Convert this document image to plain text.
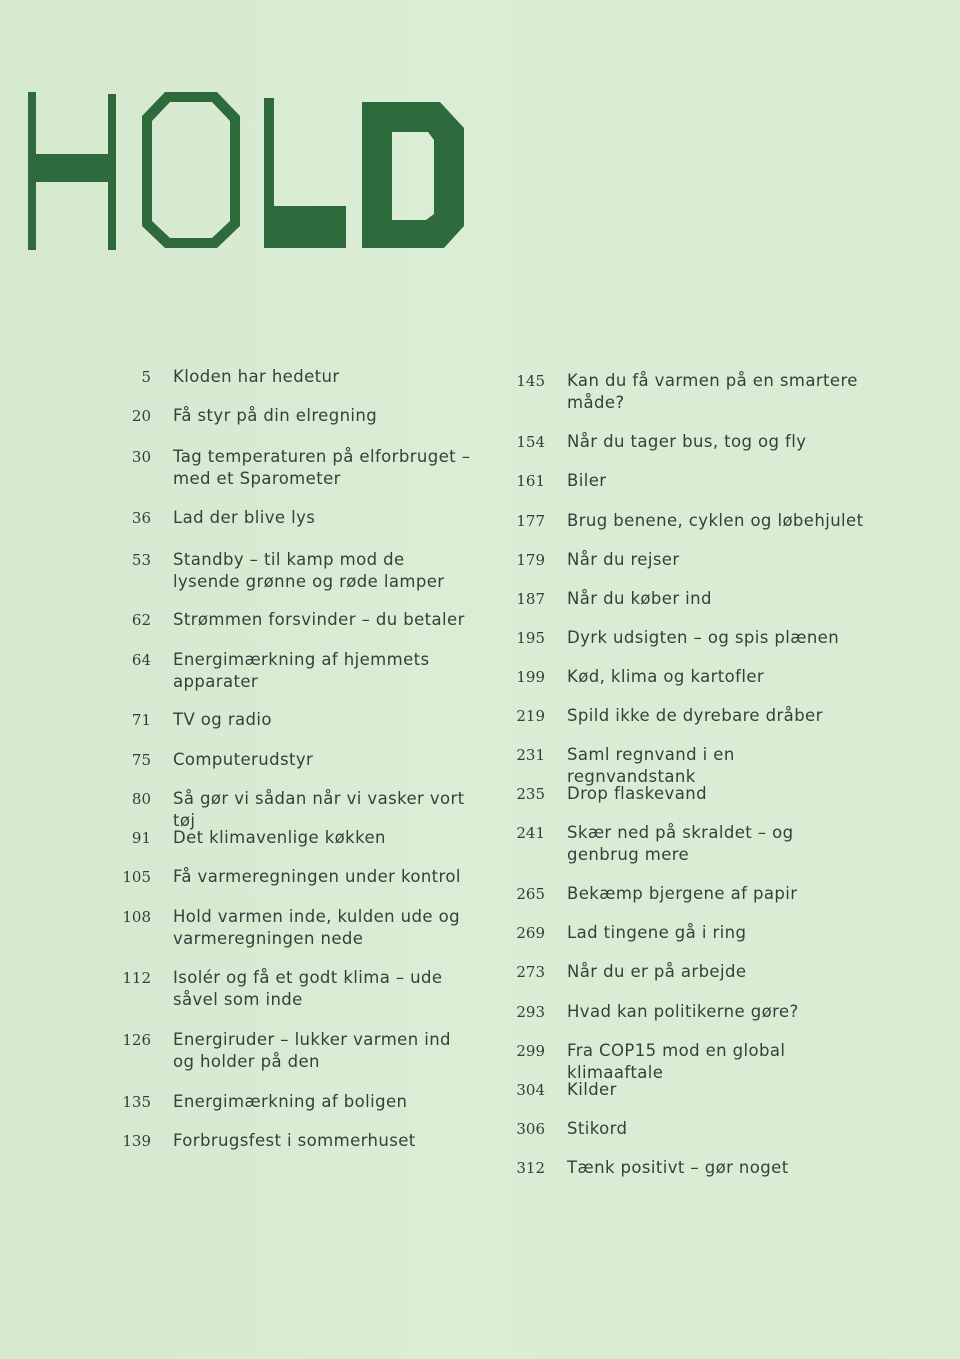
5 Kloden har hedetur
20 Få styr på din elregning
30 Tag temperaturen på elforbruget – med et Sparometer
36 Lad der blive lys
53 Standby – til kamp mod de lysende grønne og røde lamper
62 Strømmen forsvinder – du betaler
64 Energimærkning af hjemmets apparater
71 TV og radio
75 Computerudstyr
80 Så gør vi sådan når vi vasker vort tøj
91 Det klimavenlige køkken
105 Få varmeregningen under kontrol
108 Hold varmen inde, kulden ude og varmeregningen nede
112 Isolér og få et godt klima – ude såvel som inde
126 Energiruder – lukker varmen ind og holder på den
135 Energimærkning af boligen
139 Forbrugsfest i sommerhuset
145 Kan du få varmen på en smartere måde?
154 Når du tager bus, tog og fly
161 Biler
177 Brug benene, cyklen og løbehjulet
179 Når du rejser
187 Når du køber ind
195 Dyrk udsigten – og spis plænen
199 Kød, klima og kartofler
219 Spild ikke de dyrebare dråber
231 Saml regnvand i en regnvandstank
235 Drop flaskevand
241 Skær ned på skraldet – og genbrug mere
265 Bekæmp bjergene af papir
269 Lad tingene gå i ring
273 Når du er på arbejde
293 Hvad kan politikerne gøre?
299 Fra COP15 mod en global klimaaftale
304 Kilder
306 Stikord
312 Tænk positivt – gør noget
